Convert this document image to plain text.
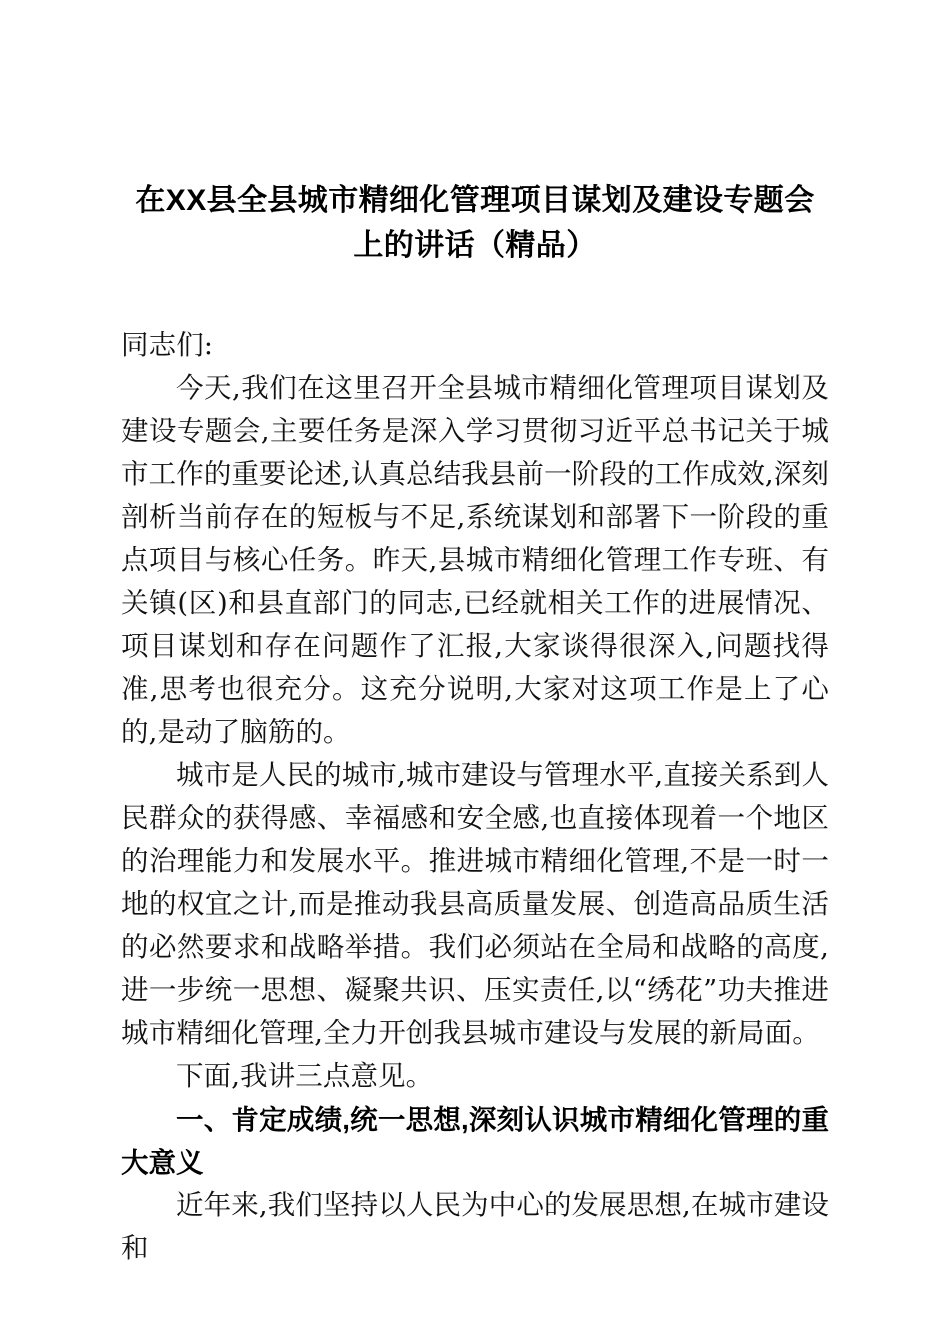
在XX县全县城市精细化管理项目谋划及建设专题会上的讲话（精品）

同志们:

今天,我们在这里召开全县城市精细化管理项目谋划及建设专题会,主要任务是深入学习贯彻习近平总书记关于城市工作的重要论述,认真总结我县前一阶段的工作成效,深刻剖析当前存在的短板与不足,系统谋划和部署下一阶段的重点项目与核心任务。昨天,县城市精细化管理工作专班、有关镇(区)和县直部门的同志,已经就相关工作的进展情况、项目谋划和存在问题作了汇报,大家谈得很深入,问题找得准,思考也很充分。这充分说明,大家对这项工作是上了心的,是动了脑筋的。

城市是人民的城市,城市建设与管理水平,直接关系到人民群众的获得感、幸福感和安全感,也直接体现着一个地区的治理能力和发展水平。推进城市精细化管理,不是一时一地的权宜之计,而是推动我县高质量发展、创造高品质生活的必然要求和战略举措。我们必须站在全局和战略的高度,进一步统一思想、凝聚共识、压实责任,以“绣花”功夫推进城市精细化管理,全力开创我县城市建设与发展的新局面。

下面,我讲三点意见。

一、肯定成绩,统一思想,深刻认识城市精细化管理的重大意义

近年来,我们坚持以人民为中心的发展思想,在城市建设和
